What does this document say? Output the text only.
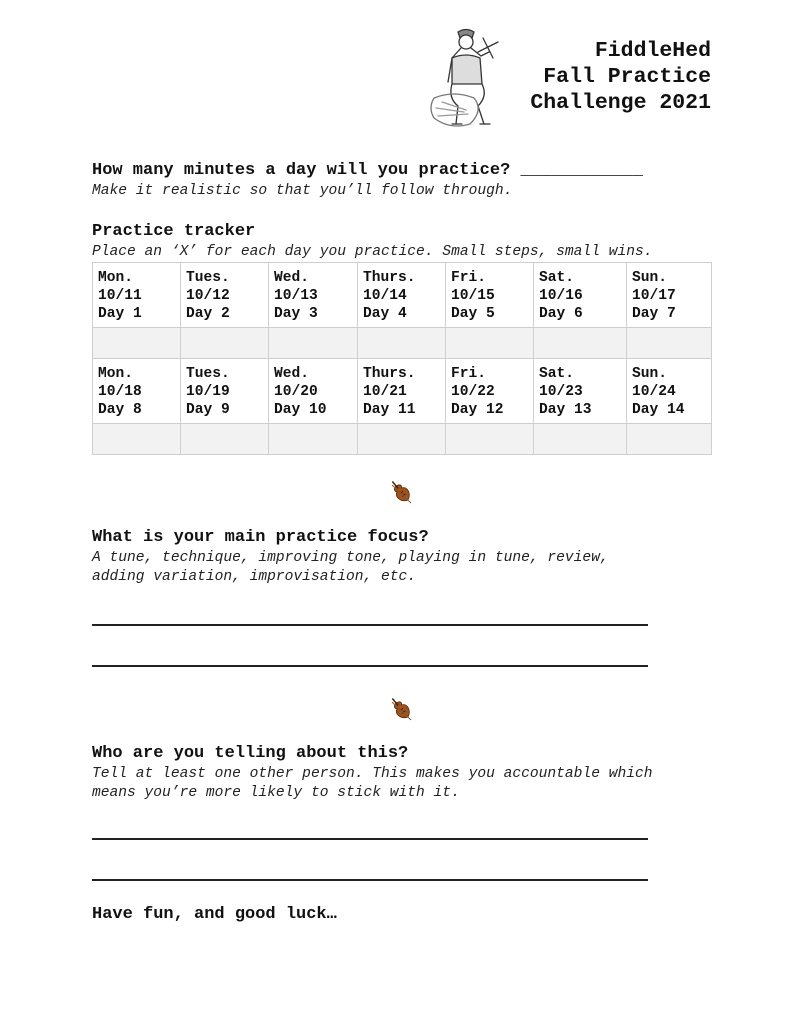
FiddleHed
Fall Practice
Challenge 2021
How many minutes a day will you practice? ____________
Make it realistic so that you’ll follow through.
Practice tracker
Place an ‘X’ for each day you practice. Small steps, small wins.
Mon.
10/11
Day 1	Tues.
10/12
Day 2	Wed.
10/13
Day 3	Thurs.
10/14
Day 4	Fri.
10/15
Day 5	Sat.
10/16
Day 6	Sun.
10/17
Day 7

Mon.
10/18
Day 8	Tues.
10/19
Day 9	Wed.
10/20
Day 10	Thurs.
10/21
Day 11	Fri.
10/22
Day 12	Sat.
10/23
Day 13	Sun.
10/24
Day 14

What is your main practice focus?
A tune, technique, improving tone, playing in tune, review,
adding variation, improvisation, etc.
Who are you telling about this?
Tell at least one other person. This makes you accountable which
means you’re more likely to stick with it.
Have fun, and good luck…
